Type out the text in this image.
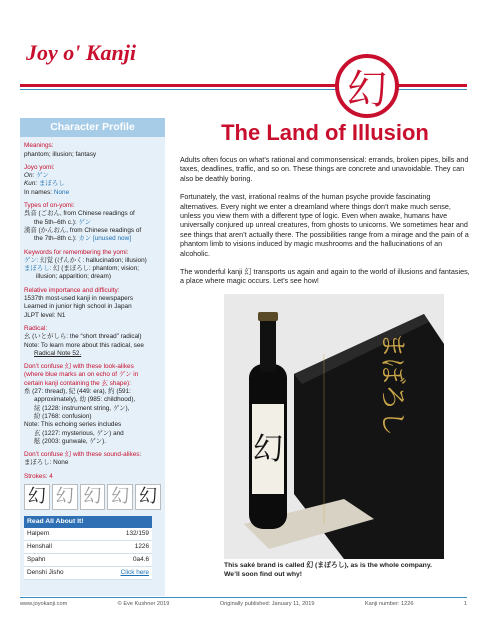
Joy o' Kanji
幻
Character Profile
Meanings:
phantom; illusion; fantasy
Joyo yomi:
On: ゲン
Kun: まぼろし
In names: None
Types of on-yomi:
呉音 (ごおん, from Chinese readings of
the 5th–6th c.): ゲン
漢音 (かんおん, from Chinese readings of
the 7th–8th c.): カン [unused now]
Keywords for remembering the yomi:
ゲン: 幻覚 (げんかく: hallucination; illusion)
まぼろし: 幻 (まぼろし: phantom; vision;
illusion; apparition; dream)
Relative importance and difficulty:
1537th most-used kanji in newspapers
Learned in junior high school in Japan
JLPT level: N1
Radical:
幺 (いとがしら: the “short thread” radical)
Note: To learn more about this radical, see
Radical Note 52.
Don’t confuse 幻 with these look-alikes
(where blue marks an on echo of ゲン in
certain kanji containing the 玄 shape):
糸 (27: thread), 紀 (449: era), 約 (591:
approximately), 幼 (985: childhood),
絃 (1228: instrument string, ゲン),
紛 (1768: confusion)
Note: This echoing series includes
玄 (1227: mysterious, ゲン) and
舷 (2003: gunwale, ゲン).
Don’t confuse 幻 with these sound-alikes:
まぼろし: None
Strokes: 4
幻 幻 幻 幻 幻
Read All About It!	
Halpern	132/159
Henshall	1226
Spahn	0a4.6
Denshi Jisho	Click here
The Land of Illusion

Adults often focus on what’s rational and commonsensical: errands, broken pipes, bills and taxes, deadlines, traffic, and so on. These things are concrete and unavoidable. They can also be deathly boring.

Fortunately, the vast, irrational realms of the human psyche provide fascinating alternatives. Every night we enter a dreamland where things don’t make much sense, unless you view them with a different type of logic. Even when awake, humans have universally conjured up unreal creatures, from ghosts to unicorns. We sometimes hear and see things that aren’t actually there. The possibilities range from a mirage and the pain of a phantom limb to visions induced by magic mushrooms and the hallucinations of an alcoholic.

The wonderful kanji 幻 transports us again and again to the world of illusions and fantasies, a place where magic occurs. Let’s see how!

幻
まぼろし
This saké brand is called 幻 (まぼろし), as is the whole company. We’ll soon find out why!
www.joyokanji.com	© Eve Kushner 2019	Originally published: January 11, 2019	Kanji number: 1226	1
